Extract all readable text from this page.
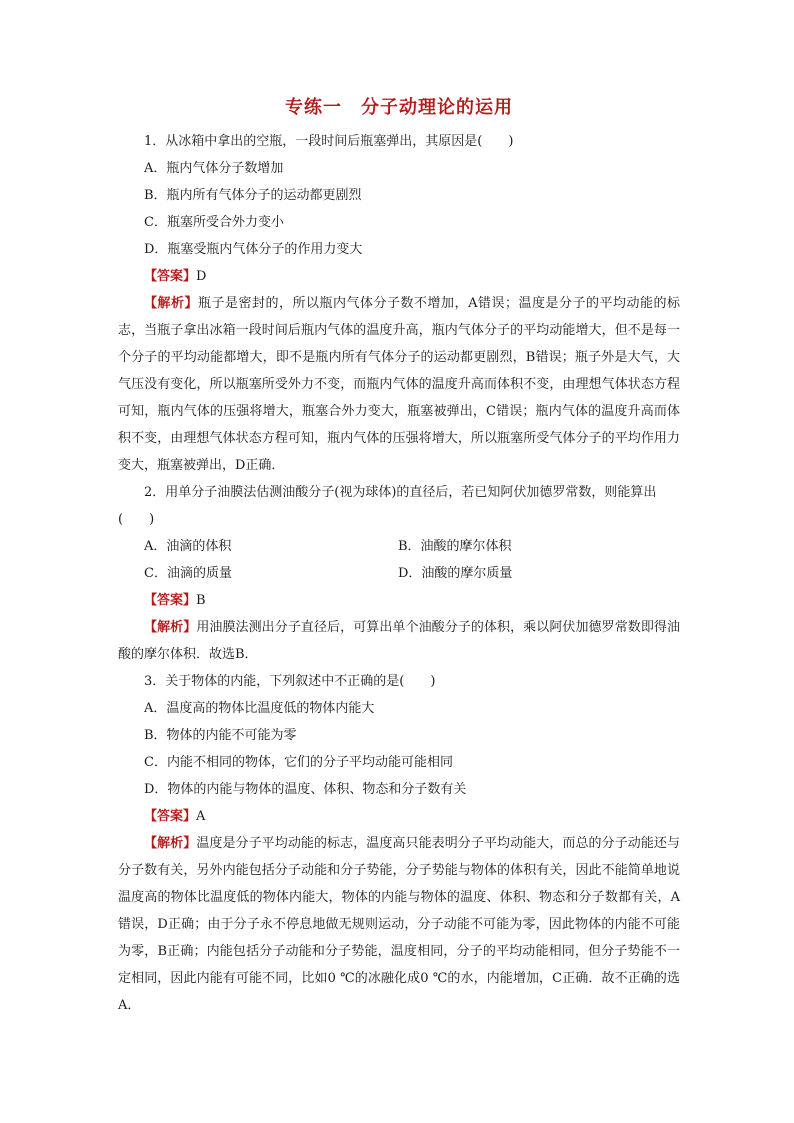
专练一　分子动理论的运用

1．从冰箱中拿出的空瓶，一段时间后瓶塞弹出，其原因是(　　)

A．瓶内气体分子数增加

B．瓶内所有气体分子的运动都更剧烈

C．瓶塞所受合外力变小

D．瓶塞受瓶内气体分子的作用力变大

【答案】D

【解析】瓶子是密封的，所以瓶内气体分子数不增加，A错误；温度是分子的平均动能的标志，当瓶子拿出冰箱一段时间后瓶内气体的温度升高，瓶内气体分子的平均动能增大，但不是每一个分子的平均动能都增大，即不是瓶内所有气体分子的运动都更剧烈，B错误；瓶子外是大气，大气压没有变化，所以瓶塞所受外力不变，而瓶内气体的温度升高而体积不变，由理想气体状态方程可知，瓶内气体的压强将增大，瓶塞合外力变大，瓶塞被弹出，C错误；瓶内气体的温度升高而体积不变，由理想气体状态方程可知，瓶内气体的压强将增大，所以瓶塞所受气体分子的平均作用力变大，瓶塞被弹出，D正确．

2．用单分子油膜法估测油酸分子(视为球体)的直径后，若已知阿伏加德罗常数，则能算出(　　)

A．油滴的体积	B．油酸的摩尔体积
C．油滴的质量	D．油酸的摩尔质量

【答案】B

【解析】用油膜法测出分子直径后，可算出单个油酸分子的体积，乘以阿伏加德罗常数即得油酸的摩尔体积．故选B．

3．关于物体的内能，下列叙述中不正确的是(　　)

A．温度高的物体比温度低的物体内能大

B．物体的内能不可能为零

C．内能不相同的物体，它们的分子平均动能可能相同

D．物体的内能与物体的温度、体积、物态和分子数有关

【答案】A

【解析】温度是分子平均动能的标志，温度高只能表明分子平均动能大，而总的分子动能还与分子数有关，另外内能包括分子动能和分子势能，分子势能与物体的体积有关，因此不能简单地说温度高的物体比温度低的物体内能大，物体的内能与物体的温度、体积、物态和分子数都有关，A错误，D正确；由于分子永不停息地做无规则运动，分子动能不可能为零，因此物体的内能不可能为零，B正确；内能包括分子动能和分子势能，温度相同，分子的平均动能相同，但分子势能不一定相同，因此内能有可能不同，比如0 ℃的冰融化成0 ℃的水，内能增加，C正确．故不正确的选A．
